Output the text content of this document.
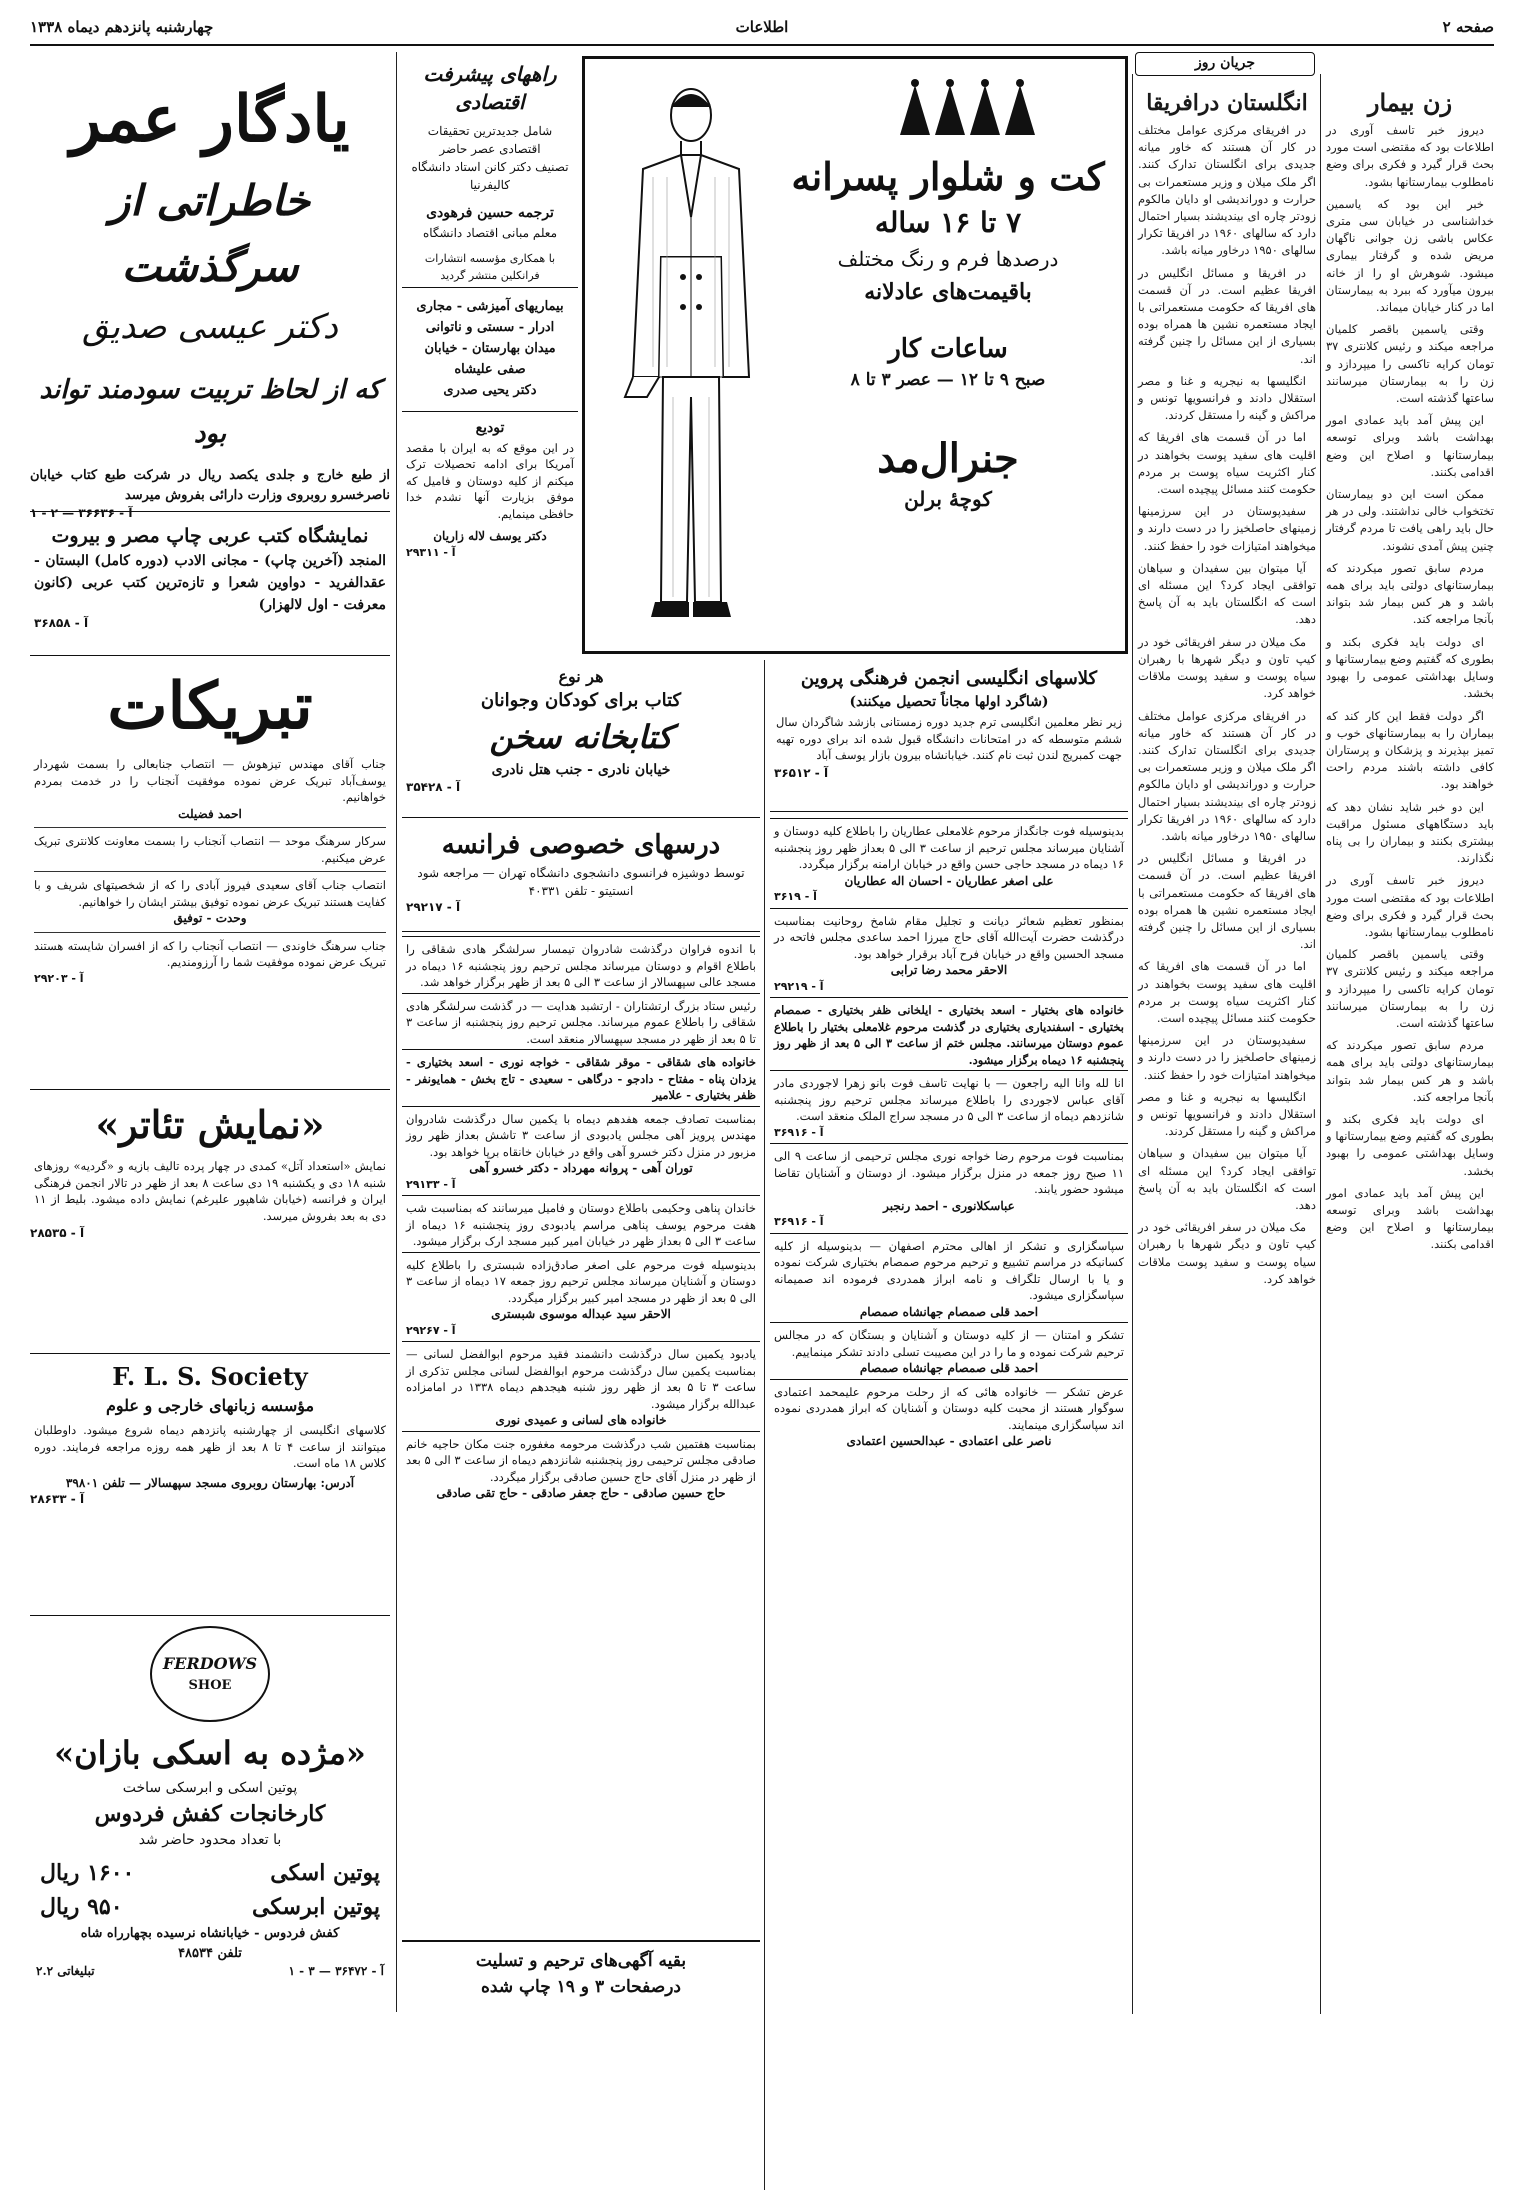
صفحه ۲
اطلاعات
چهارشنبه پانزدهم دیماه ۱۳۳۸
جریان روز
زن بیمار

دیروز خبر تاسف آوری در اطلاعات بود که مقتضی است مورد بحث قرار گیرد و فکری برای وضع نامطلوب بیمارستانها بشود.

خبر این بود که یاسمین خداشناسی در خیابان سی متری عکاس باشی زن جوانی ناگهان مریض شده و گرفتار بیماری میشود. شوهرش او را از خانه بیرون میآورد که ببرد به بیمارستان اما در کنار خیابان میماند.

وقتی یاسمین باقصر کلمیان مراجعه میکند و رئیس کلانتری ۳۷ تومان کرایه تاکسی را میپردازد و زن را به بیمارستان میرسانند ساعتها گذشته است.

این پیش آمد باید عمادی امور بهداشت باشد وبرای توسعه بیمارستانها و اصلاح این وضع اقدامی بکنند.

ممکن است این دو بیمارستان تختخواب خالی نداشتند. ولی در هر حال باید راهی یافت تا مردم گرفتار چنین پیش آمدی نشوند.

مردم سابق تصور میکردند که بیمارستانهای دولتی باید برای همه باشد و هر کس بیمار شد بتواند بآنجا مراجعه کند.

ای دولت باید فکری بکند و بطوری که گفتیم وضع بیمارستانها و وسایل بهداشتی عمومی را بهبود بخشد.

اگر دولت فقط این کار کند که بیماران را به بیمارستانهای خوب و تمیز بپذیرند و پزشکان و پرستاران کافی داشته باشند مردم راحت خواهند بود.

این دو خبر شاید نشان دهد که باید دستگاههای مسئول مراقبت بیشتری بکنند و بیماران را بی پناه نگذارند.

دیروز خبر تاسف آوری در اطلاعات بود که مقتضی است مورد بحث قرار گیرد و فکری برای وضع نامطلوب بیمارستانها بشود.

وقتی یاسمین باقصر کلمیان مراجعه میکند و رئیس کلانتری ۳۷ تومان کرایه تاکسی را میپردازد و زن را به بیمارستان میرسانند ساعتها گذشته است.

مردم سابق تصور میکردند که بیمارستانهای دولتی باید برای همه باشد و هر کس بیمار شد بتواند بآنجا مراجعه کند.

ای دولت باید فکری بکند و بطوری که گفتیم وضع بیمارستانها و وسایل بهداشتی عمومی را بهبود بخشد.

این پیش آمد باید عمادی امور بهداشت باشد وبرای توسعه بیمارستانها و اصلاح این وضع اقدامی بکنند.

انگلستان درافریقا

در افریقای مرکزی عوامل مختلف در کار آن هستند که خاور میانه جدیدی برای انگلستان تدارک کنند. اگر ملک میلان و وزیر مستعمرات بی حرارت و دوراندیشی او دایان مالکوم زودتر چاره ای بیندیشند بسیار احتمال دارد که سالهای ۱۹۶۰ در افریقا تکرار سالهای ۱۹۵۰ درخاور میانه باشد.

در افریقا و مسائل انگلیس در افریقا عظیم است. در آن قسمت های افریقا که حکومت مستعمراتی با ایجاد مستعمره نشین ها همراه بوده بسیاری از این مسائل را چنین گرفته اند.

انگلیسها به نیجریه و غنا و مصر استقلال دادند و فرانسویها تونس و مراکش و گینه را مستقل کردند.

اما در آن قسمت های افریقا که اقلیت های سفید پوست بخواهند در کنار اکثریت سیاه پوست بر مردم حکومت کنند مسائل پیچیده است.

سفیدپوستان در این سرزمینها زمینهای حاصلخیز را در دست دارند و میخواهند امتیازات خود را حفظ کنند.

آیا میتوان بین سفیدان و سیاهان توافقی ایجاد کرد؟ این مسئله ای است که انگلستان باید به آن پاسخ دهد.

مک میلان در سفر افریقائی خود در کیپ تاون و دیگر شهرها با رهبران سیاه پوست و سفید پوست ملاقات خواهد کرد.

در افریقای مرکزی عوامل مختلف در کار آن هستند که خاور میانه جدیدی برای انگلستان تدارک کنند. اگر ملک میلان و وزیر مستعمرات بی حرارت و دوراندیشی او دایان مالکوم زودتر چاره ای بیندیشند بسیار احتمال دارد که سالهای ۱۹۶۰ در افریقا تکرار سالهای ۱۹۵۰ درخاور میانه باشد.

در افریقا و مسائل انگلیس در افریقا عظیم است. در آن قسمت های افریقا که حکومت مستعمراتی با ایجاد مستعمره نشین ها همراه بوده بسیاری از این مسائل را چنین گرفته اند.

اما در آن قسمت های افریقا که اقلیت های سفید پوست بخواهند در کنار اکثریت سیاه پوست بر مردم حکومت کنند مسائل پیچیده است.

سفیدپوستان در این سرزمینها زمینهای حاصلخیز را در دست دارند و میخواهند امتیازات خود را حفظ کنند.

انگلیسها به نیجریه و غنا و مصر استقلال دادند و فرانسویها تونس و مراکش و گینه را مستقل کردند.

آیا میتوان بین سفیدان و سیاهان توافقی ایجاد کرد؟ این مسئله ای است که انگلستان باید به آن پاسخ دهد.

مک میلان در سفر افریقائی خود در کیپ تاون و دیگر شهرها با رهبران سیاه پوست و سفید پوست ملاقات خواهد کرد.

کت و شلوار پسرانه
۷ تا ۱۶ ساله
درصدها فرم و رنگ مختلف
باقیمت‌های عادلانه
ساعات کار
صبح ۹ تا ۱۲ — عصر ۳ تا ۸
جنرال‌مد
کوچهٔ برلن
راههای پیشرفت اقتصادی
شامل جدیدترین تحقیقات اقتصادی عصر حاضر
تصنیف دکتر کانن استاد دانشگاه کالیفرنیا
ترجمه حسین فرهودی
معلم مبانی اقتصاد دانشگاه
با همکاری مؤسسه انتشارات فرانکلین منتشر گردید
بیماریهای آمیزشی - مجاری
ادرار - سستی و ناتوانی
میدان بهارستان - خیابان
صفی علیشاه
دکتر یحیی صدری
تودیع
در این موقع که به ایران با مقصد آمریکا برای ادامه تحصیلات ترک میکنم از کلیه دوستان و فامیل که موفق بزیارت آنها نشدم خدا حافظی مینمایم.
دکتر یوسف لاله زاریان
آ - ۲۹۳۱۱
یادگار عمر
خاطراتی از سرگذشت
دکتر عیسی صدیق
که از لحاظ تربیت سودمند تواند بود
از طبع خارج و جلدی یکصد ریال در شرکت طبع کتاب خیابان ناصرخسرو روبروی وزارت دارائی بفروش میرسد
آ - ۳۶۶۳۶ — ۲ - ۱
نمایشگاه کتب عربی چاپ مصر و بیروت
المنجد (آخرین چاپ) - مجانی الادب (دوره کامل) البستان - عقدالفرید - دواوین شعرا و تازه‌ترین کتب عربی (کانون معرفت - اول لالهزار)
آ - ۳۶۸۵۸
تبریکات
جناب آقای مهندس تیزهوش — انتصاب جنابعالی را بسمت شهردار یوسف‌آباد تبریک عرض نموده موفقیت آنجناب را در خدمت بمردم خواهانیم.
احمد فضیلت
سرکار سرهنگ موحد — انتصاب آنجناب را بسمت معاونت کلانتری تبریک عرض میکنیم.
انتصاب جناب آقای سعیدی فیروز آبادی را که از شخصیتهای شریف و با کفایت هستند تبریک عرض نموده توفیق بیشتر ایشان را خواهانیم.
وحدت - توفیق
جناب سرهنگ خاوندی — انتصاب آنجناب را که از افسران شایسته هستند تبریک عرض نموده موفقیت شما را آرزومندیم.
آ - ۲۹۲۰۳
«نمایش تئاتر»
نمایش «استعداد آتل» کمدی در چهار پرده تالیف بازیه و «گردیه» روزهای شنبه ۱۸ دی و یکشنبه ۱۹ دی ساعت ۸ بعد از ظهر در تالار انجمن فرهنگی ایران و فرانسه (خیابان شاهپور علیرغم) نمایش داده میشود. بلیط از ۱۱ دی به بعد بفروش میرسد.
آ - ۲۸۵۳۵
F. L. S. Society
مؤسسه زبانهای خارجی و علوم
کلاسهای انگلیسی از چهارشنبه پانزدهم دیماه شروع میشود. داوطلبان میتوانند از ساعت ۴ تا ۸ بعد از ظهر همه روزه مراجعه فرمایند. دوره کلاس ۱۸ ماه است.
آدرس: بهارستان روبروی مسجد سپهسالار — تلفن ۳۹۸۰۱
آ - ۲۸۶۳۳
FERDOWS
SHOE
«مژده به اسکی بازان»
پوتین اسکی و ابرسکی ساخت
کارخانجات کفش فردوس
با تعداد محدود حاضر شد
پوتین اسکی
۱۶۰۰ ریال
پوتین ابرسکی
۹۵۰ ریال
کفش فردوس - خیابانشاه نرسیده بچهارراه شاه
تلفن ۴۸۵۳۴
آ - ۳۶۴۷۲ — ۳ - ۱
تبلیغاتی ۲.۲
کلاسهای انگلیسی انجمن فرهنگی پروین
(شاگرد اولها مجاناً تحصیل میکنند)
زیر نظر معلمین انگلیسی ترم جدید دوره زمستانی بازشد شاگردان سال ششم متوسطه که در امتحانات دانشگاه قبول شده اند برای دوره تهیه جهت کمبریج لندن ثبت نام کنند. خیابانشاه بیرون بازار یوسف آباد
آ - ۳۶۵۱۲
هر نوع
کتاب برای کودکان وجوانان
کتابخانه سخن
خیابان نادری - جنب هتل نادری
آ - ۳۵۴۲۸
درسهای خصوصی فرانسه
توسط دوشیزه فرانسوی دانشجوی دانشگاه تهران — مراجعه شود انستیتو - تلفن ۴۰۳۳۱
آ - ۲۹۲۱۷
بدینوسیله فوت جانگداز مرحوم غلامعلی عطاریان را باطلاع کلیه دوستان و آشنایان میرساند مجلس ترحیم از ساعت ۳ الی ۵ بعداز ظهر روز پنجشنبه ۱۶ دیماه در مسجد حاجی حسن واقع در خیابان ارامنه برگزار میگردد.
علی اصغر عطاریان - احسان اله عطاریان
آ - ۳۶۱۹
بمنظور تعظیم شعائر دیانت و تجلیل مقام شامخ روحانیت بمناسبت درگذشت حضرت آیت‌الله آقای حاج میرزا احمد ساعدی مجلس فاتحه در مسجد الحسین واقع در خیابان فرح آباد برقرار خواهد بود.
الاحقر محمد رضا ترابی
آ - ۲۹۲۱۹
خانواده های بختیار - اسعد بختیاری - ایلخانی ظفر بختیاری - صمصام بختیاری - اسفندیاری بختیاری در گذشت مرحوم غلامعلی بختیار را باطلاع عموم دوستان میرسانند. مجلس ختم از ساعت ۳ الی ۵ بعد از ظهر روز پنجشنبه ۱۶ دیماه برگزار میشود.
انا لله وانا الیه راجعون — با نهایت تاسف فوت بانو زهرا لاجوردی مادر آقای عباس لاجوردی را باطلاع میرساند مجلس ترحیم روز پنجشنبه شانزدهم دیماه از ساعت ۳ الی ۵ در مسجد سراج الملک منعقد است.
آ - ۳۶۹۱۶
بمناسبت فوت مرحوم رضا خواجه نوری مجلس ترحیمی از ساعت ۹ الی ۱۱ صبح روز جمعه در منزل برگزار میشود. از دوستان و آشنایان تقاضا میشود حضور یابند.
عباسکلانوری - احمد رنجبر
آ - ۳۶۹۱۶
سپاسگزاری و تشکر از اهالی محترم اصفهان — بدینوسیله از کلیه کسانیکه در مراسم تشییع و ترحیم مرحوم صمصام بختیاری شرکت نموده و یا با ارسال تلگراف و نامه ابراز همدردی فرموده اند صمیمانه سپاسگزاری میشود.
احمد قلی صمصام جهانشاه صمصام
تشکر و امتنان — از کلیه دوستان و آشنایان و بستگان که در مجالس ترحیم شرکت نموده و ما را در این مصیبت تسلی دادند تشکر مینماییم.
احمد قلی صمصام جهانشاه صمصام
عرض تشکر — خانواده هائی که از رحلت مرحوم علیمحمد اعتمادی سوگوار هستند از محبت کلیه دوستان و آشنایان که ابراز همدردی نموده اند سپاسگزاری مینمایند.
ناصر علی اعتمادی - عبدالحسین اعتمادی
با اندوه فراوان درگذشت شادروان تیمسار سرلشگر هادی شقاقی را باطلاع اقوام و دوستان میرساند مجلس ترحیم روز پنجشنبه ۱۶ دیماه در مسجد عالی سپهسالار از ساعت ۳ الی ۵ بعد از ظهر برگزار خواهد شد.
رئیس ستاد بزرگ ارتشتاران - ارتشبد هدایت — در گذشت سرلشگر هادی شقاقی را باطلاع عموم میرساند. مجلس ترحیم روز پنجشنبه از ساعت ۳ تا ۵ بعد از ظهر در مسجد سپهسالار منعقد است.
خانواده های شقاقی - موقر شقاقی - خواجه نوری - اسعد بختیاری - یزدان پناه - مفتاح - دادجو - درگاهی - سعیدی - تاج بخش - همایونفر - ظفر بختیاری - علامیر
بمناسبت تصادف جمعه هفدهم دیماه با یکمین سال درگذشت شادروان مهندس پرویز آهی مجلس یادبودی از ساعت ۳ تاشش بعداز ظهر روز مزبور در منزل دکتر خسرو آهی واقع در خیابان خانقاه برپا خواهد بود.
توران آهی - پروانه مهرداد - دکتر خسرو آهی
آ - ۲۹۱۳۳
خاندان پناهی وحکیمی باطلاع دوستان و فامیل میرسانند که بمناسبت شب هفت مرحوم یوسف پناهی مراسم یادبودی روز پنجشنبه ۱۶ دیماه از ساعت ۳ الی ۵ بعداز ظهر در خیابان امیر کبیر مسجد ارک برگزار میشود.
بدینوسیله فوت مرحوم علی اصغر صادق‌زاده شبستری را باطلاع کلیه دوستان و آشنایان میرساند مجلس ترحیم روز جمعه ۱۷ دیماه از ساعت ۳ الی ۵ بعد از ظهر در مسجد امیر کبیر برگزار میگردد.
الاحقر سید عبداله موسوی شبستری
آ - ۲۹۲۶۷
یادبود یکمین سال درگذشت دانشمند فقید مرحوم ابوالفضل لسانی — بمناسبت یکمین سال درگذشت مرحوم ابوالفضل لسانی مجلس تذکری از ساعت ۳ تا ۵ بعد از ظهر روز شنبه هیجدهم دیماه ۱۳۳۸ در امامزاده عبدالله برگزار میشود.
خانواده های لسانی و عمیدی نوری
بمناسبت هفتمین شب درگذشت مرحومه مغفوره جنت مکان حاجیه خانم صادقی مجلس ترحیمی روز پنجشنبه شانزدهم دیماه از ساعت ۳ الی ۵ بعد از ظهر در منزل آقای حاج حسین صادقی برگزار میگردد.
حاج حسین صادقی - حاج جعفر صادقی - حاج تقی صادقی
بقیه آگهی‌های ترحیم و تسلیت
درصفحات ۳ و ۱۹ چاپ شده
